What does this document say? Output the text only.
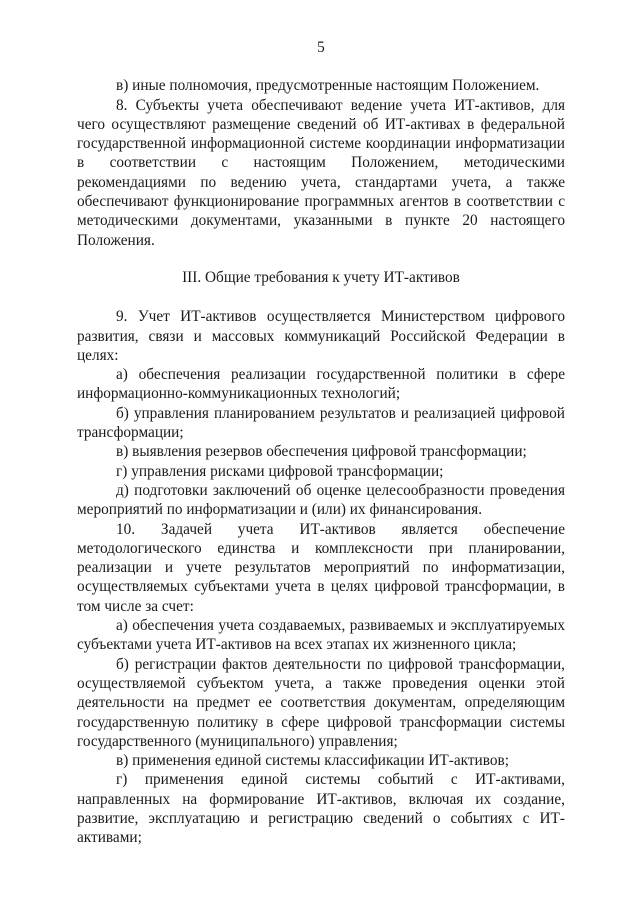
5

в) иные полномочия, предусмотренные настоящим Положением.

8. Субъекты учета обеспечивают ведение учета ИТ-активов, для чего осуществляют размещение сведений об ИТ-активах в федеральной государственной информационной системе координации информатизации в соответствии с настоящим Положением, методическими рекомендациями по ведению учета, стандартами учета, а также обеспечивают функционирование программных агентов в соответствии с методическими документами, указанными в пункте 20 настоящего Положения.

III. Общие требования к учету ИТ-активов

9. Учет ИТ-активов осуществляется Министерством цифрового развития, связи и массовых коммуникаций Российской Федерации в целях:

а) обеспечения реализации государственной политики в сфере информационно-коммуникационных технологий;

б) управления планированием результатов и реализацией цифровой трансформации;

в) выявления резервов обеспечения цифровой трансформации;

г) управления рисками цифровой трансформации;

д) подготовки заключений об оценке целесообразности проведения мероприятий по информатизации и (или) их финансирования.

10. Задачей учета ИТ-активов является обеспечение методологического единства и комплексности при планировании, реализации и учете результатов мероприятий по информатизации, осуществляемых субъектами учета в целях цифровой трансформации, в том числе за счет:

а) обеспечения учета создаваемых, развиваемых и эксплуатируемых субъектами учета ИТ-активов на всех этапах их жизненного цикла;

б) регистрации фактов деятельности по цифровой трансформации, осуществляемой субъектом учета, а также проведения оценки этой деятельности на предмет ее соответствия документам, определяющим государственную политику в сфере цифровой трансформации системы государственного (муниципального) управления;

в) применения единой системы классификации ИТ-активов;

г) применения единой системы событий с ИТ-активами, направленных на формирование ИТ-активов, включая их создание, развитие, эксплуатацию и регистрацию сведений о событиях с ИТ-активами;
